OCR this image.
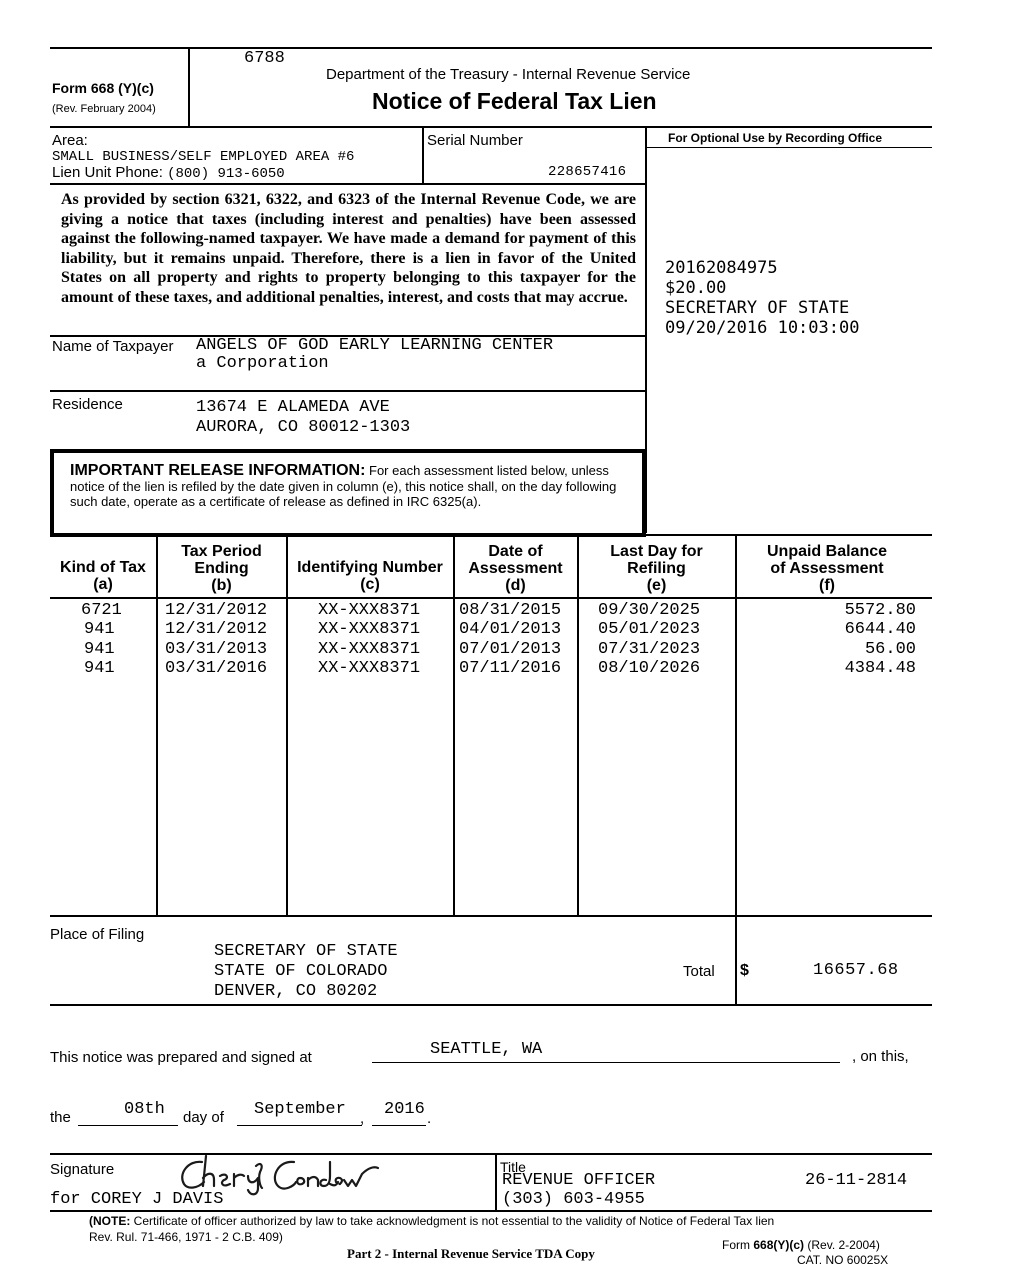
6788
Form 668 (Y)(c)
(Rev. February 2004)
Department of the Treasury - Internal Revenue Service
Notice of Federal Tax Lien
Area:
SMALL BUSINESS/SELF EMPLOYED AREA #6
Lien Unit Phone: (800) 913-6050
Serial Number
228657416
For Optional Use by Recording Office
20162084975
$20.00
SECRETARY OF STATE
09/20/2016 10:03:00
As provided by section 6321, 6322, and 6323 of the Internal Revenue Code, we are giving a notice that taxes (including interest and penalties) have been assessed against the following-named taxpayer. We have made a demand for payment of this liability, but it remains unpaid. Therefore, there is a lien in favor of the United States on all property and rights to property belonging to this taxpayer for the amount of these taxes, and additional penalties, interest, and costs that may accrue.
Name of Taxpayer ANGELS OF GOD EARLY LEARNING CENTER
a Corporation
Residence	13674 E ALAMEDA AVE
AURORA, CO 80012-1303
IMPORTANT RELEASE INFORMATION: For each assessment listed below, unless notice of the lien is refiled by the date given in column (e), this notice shall, on the day following such date, operate as a certificate of release as defined in IRC 6325(a).
Kind of Tax
(a)
Tax Period
Ending
(b)
Identifying Number
(c)
Date of
Assessment
(d)
Last Day for
Refiling
(e)
Unpaid Balance
of Assessment
(f)
6721	12/31/2012	XX-XXX8371 08/31/2015 09/30/2025	5572.80
941	12/31/2012	XX-XXX8371 04/01/2013 05/01/2023	6644.40
941	03/31/2013	XX-XXX8371 07/01/2013 07/31/2023	56.00
941	03/31/2016	XX-XXX8371 07/11/2016 08/10/2026	4384.48
Place of Filing
SECRETARY OF STATE
STATE OF COLORADO
DENVER, CO 80202
Total $	16657.68
This notice was prepared and signed at	SEATTLE, WA	, on this,
the	08th day of September , 2016 .
Signature
for COREY J DAVIS
Title
REVENUE OFFICER
(303) 603-4955
26-11-2814
(NOTE: Certificate of officer authorized by law to take acknowledgment is not essential to the validity of Notice of Federal Tax lien
Rev. Rul. 71-466, 1971 - 2 C.B. 409)
Part 2 - Internal Revenue Service TDA Copy
Form 668(Y)(c) (Rev. 2-2004)
CAT. NO 60025X
